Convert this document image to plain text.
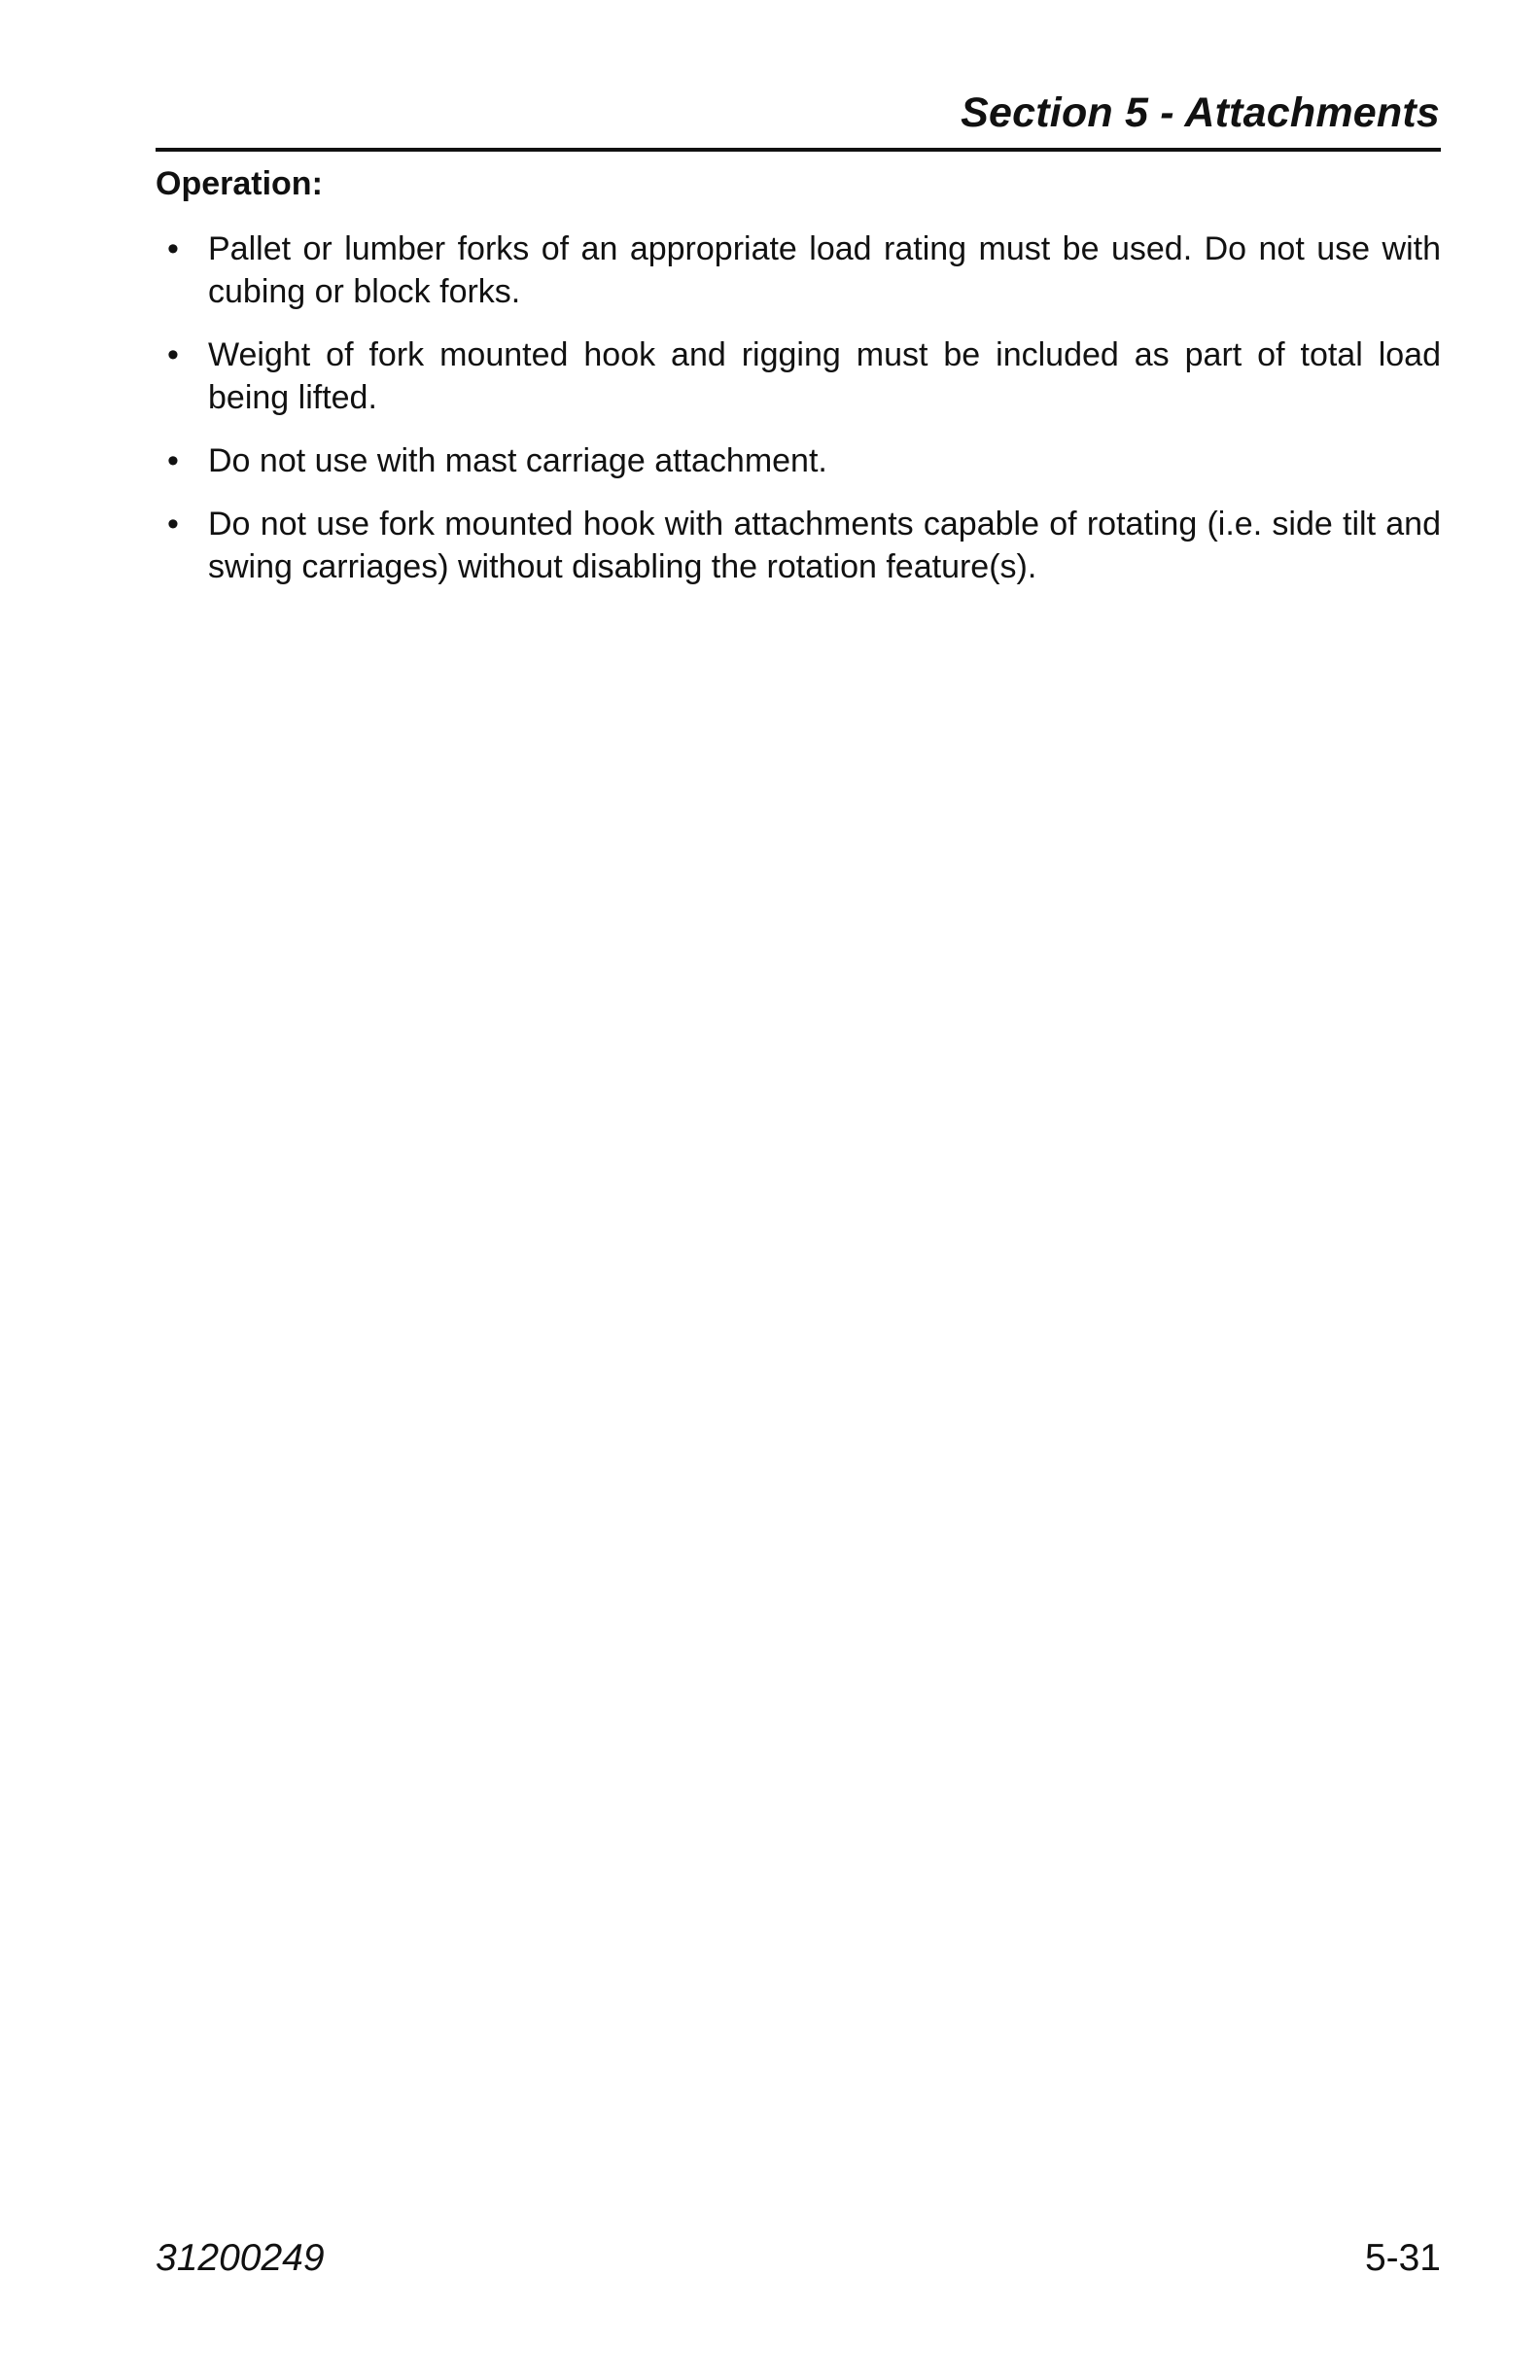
Section 5 - Attachments
Operation:
• Pallet or lumber forks of an appropriate load rating must be used. Do not use with cubing or block forks.
• Weight of fork mounted hook and rigging must be included as part of total load being lifted.
• Do not use with mast carriage attachment.
• Do not use fork mounted hook with attachments capable of rotating (i.e. side tilt and swing carriages) without disabling the rotation feature(s).
31200249	5-31
